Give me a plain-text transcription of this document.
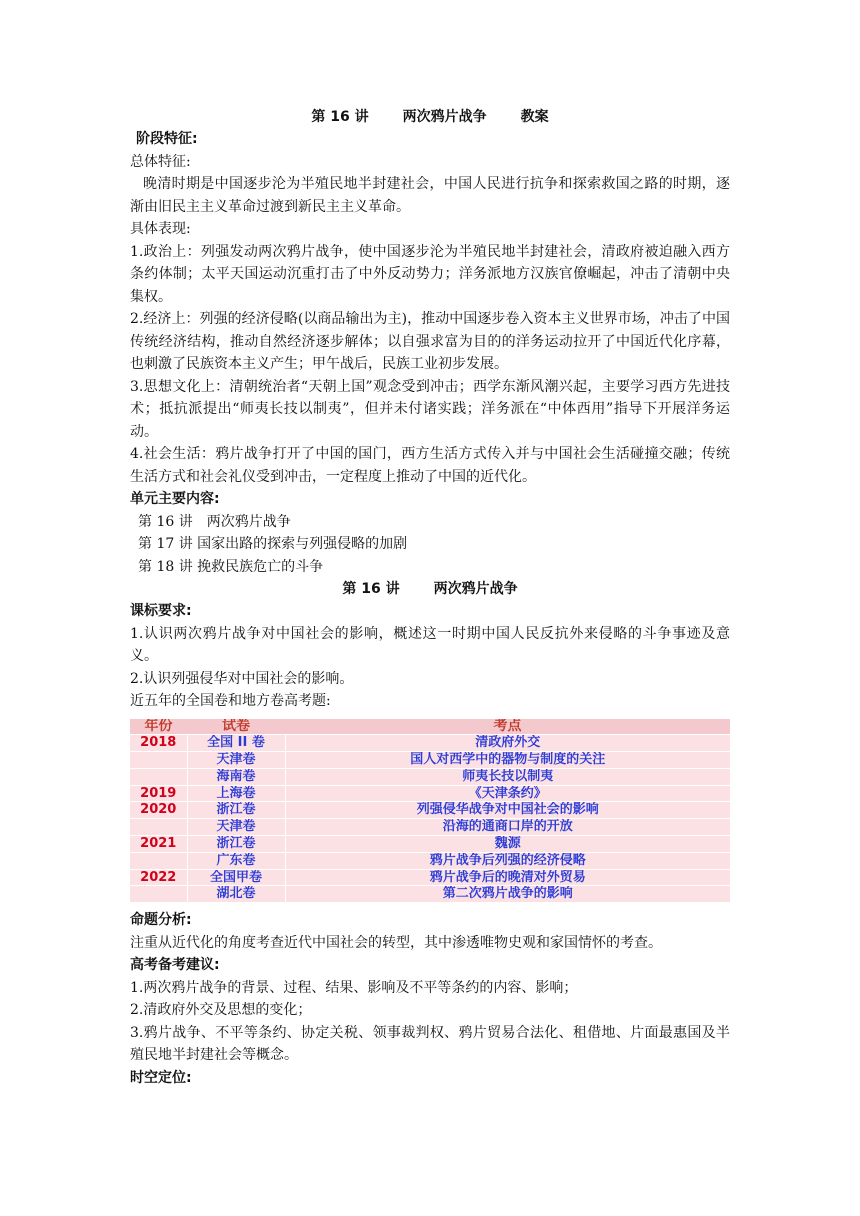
第 16 讲 两次鸦片战争 教案
阶段特征:
总体特征:
晚清时期是中国逐步沦为半殖民地半封建社会，中国人民进行抗争和探索救国之路的时期，逐渐由旧民主主义革命过渡到新民主主义革命。
具体表现:
1.政治上：列强发动两次鸦片战争，使中国逐步沦为半殖民地半封建社会，清政府被迫融入西方条约体制；太平天国运动沉重打击了中外反动势力；洋务派地方汉族官僚崛起，冲击了清朝中央集权。
2.经济上：列强的经济侵略(以商品输出为主)，推动中国逐步卷入资本主义世界市场，冲击了中国传统经济结构，推动自然经济逐步解体；以自强求富为目的的洋务运动拉开了中国近代化序幕，也刺激了民族资本主义产生；甲午战后，民族工业初步发展。
3.思想文化上：清朝统治者“天朝上国”观念受到冲击；西学东渐风潮兴起，主要学习西方先进技术；抵抗派提出“师夷长技以制夷”，但并未付诸实践；洋务派在“中体西用”指导下开展洋务运动。
4.社会生活：鸦片战争打开了中国的国门，西方生活方式传入并与中国社会生活碰撞交融；传统生活方式和社会礼仪受到冲击，一定程度上推动了中国的近代化。
单元主要内容:
第 16 讲　两次鸦片战争
第 17 讲 国家出路的探索与列强侵略的加剧
第 18 讲 挽救民族危亡的斗争
第 16 讲 两次鸦片战争
课标要求:
1.认识两次鸦片战争对中国社会的影响，概述这一时期中国人民反抗外来侵略的斗争事迹及意义。
2.认识列强侵华对中国社会的影响。
近五年的全国卷和地方卷高考题:
年份	试卷	考点
2018	全国 II 卷	清政府外交
	天津卷	国人对西学中的器物与制度的关注
	海南卷	师夷长技以制夷
2019	上海卷	《天津条约》
2020	浙江卷	列强侵华战争对中国社会的影响
	天津卷	沿海的通商口岸的开放
2021	浙江卷	魏源
	广东卷	鸦片战争后列强的经济侵略
2022	全国甲卷	鸦片战争后的晚清对外贸易
	湖北卷	第二次鸦片战争的影响
命题分析:
注重从近代化的角度考查近代中国社会的转型，其中渗透唯物史观和家国情怀的考查。
高考备考建议:
1.两次鸦片战争的背景、过程、结果、影响及不平等条约的内容、影响；
2.清政府外交及思想的变化；
3.鸦片战争、不平等条约、协定关税、领事裁判权、鸦片贸易合法化、租借地、片面最惠国及半殖民地半封建社会等概念。
时空定位:
